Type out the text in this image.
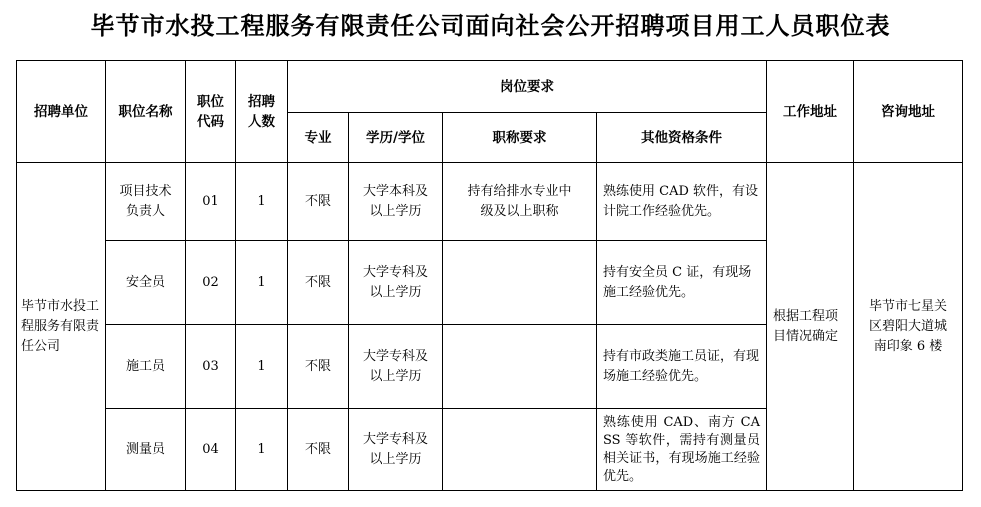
毕节市水投工程服务有限责任公司面向社会公开招聘项目用工人员职位表
招聘单位	职位名称	职位代码	招聘人数	岗位要求				工作地址	咨询地址
				专业	学历/学位	职称要求	其他资格条件		
毕节市水投工程服务有限责任公司	项目技术负责人	01	1	不限	大学本科及以上学历	持有给排水专业中级及以上职称	熟练使用 CAD 软件，有设计院工作经验优先。	根据工程项目情况确定	毕节市七星关区碧阳大道城南印象 6 楼
	安全员	02	1	不限	大学专科及以上学历		持有安全员 C 证，有现场施工经验优先。		
	施工员	03	1	不限	大学专科及以上学历		持有市政类施工员证，有现场施工经验优先。		
	测量员	04	1	不限	大学专科及以上学历		熟练使用 CAD、南方 CASS 等软件，需持有测量员相关证书，有现场施工经验优先。		
